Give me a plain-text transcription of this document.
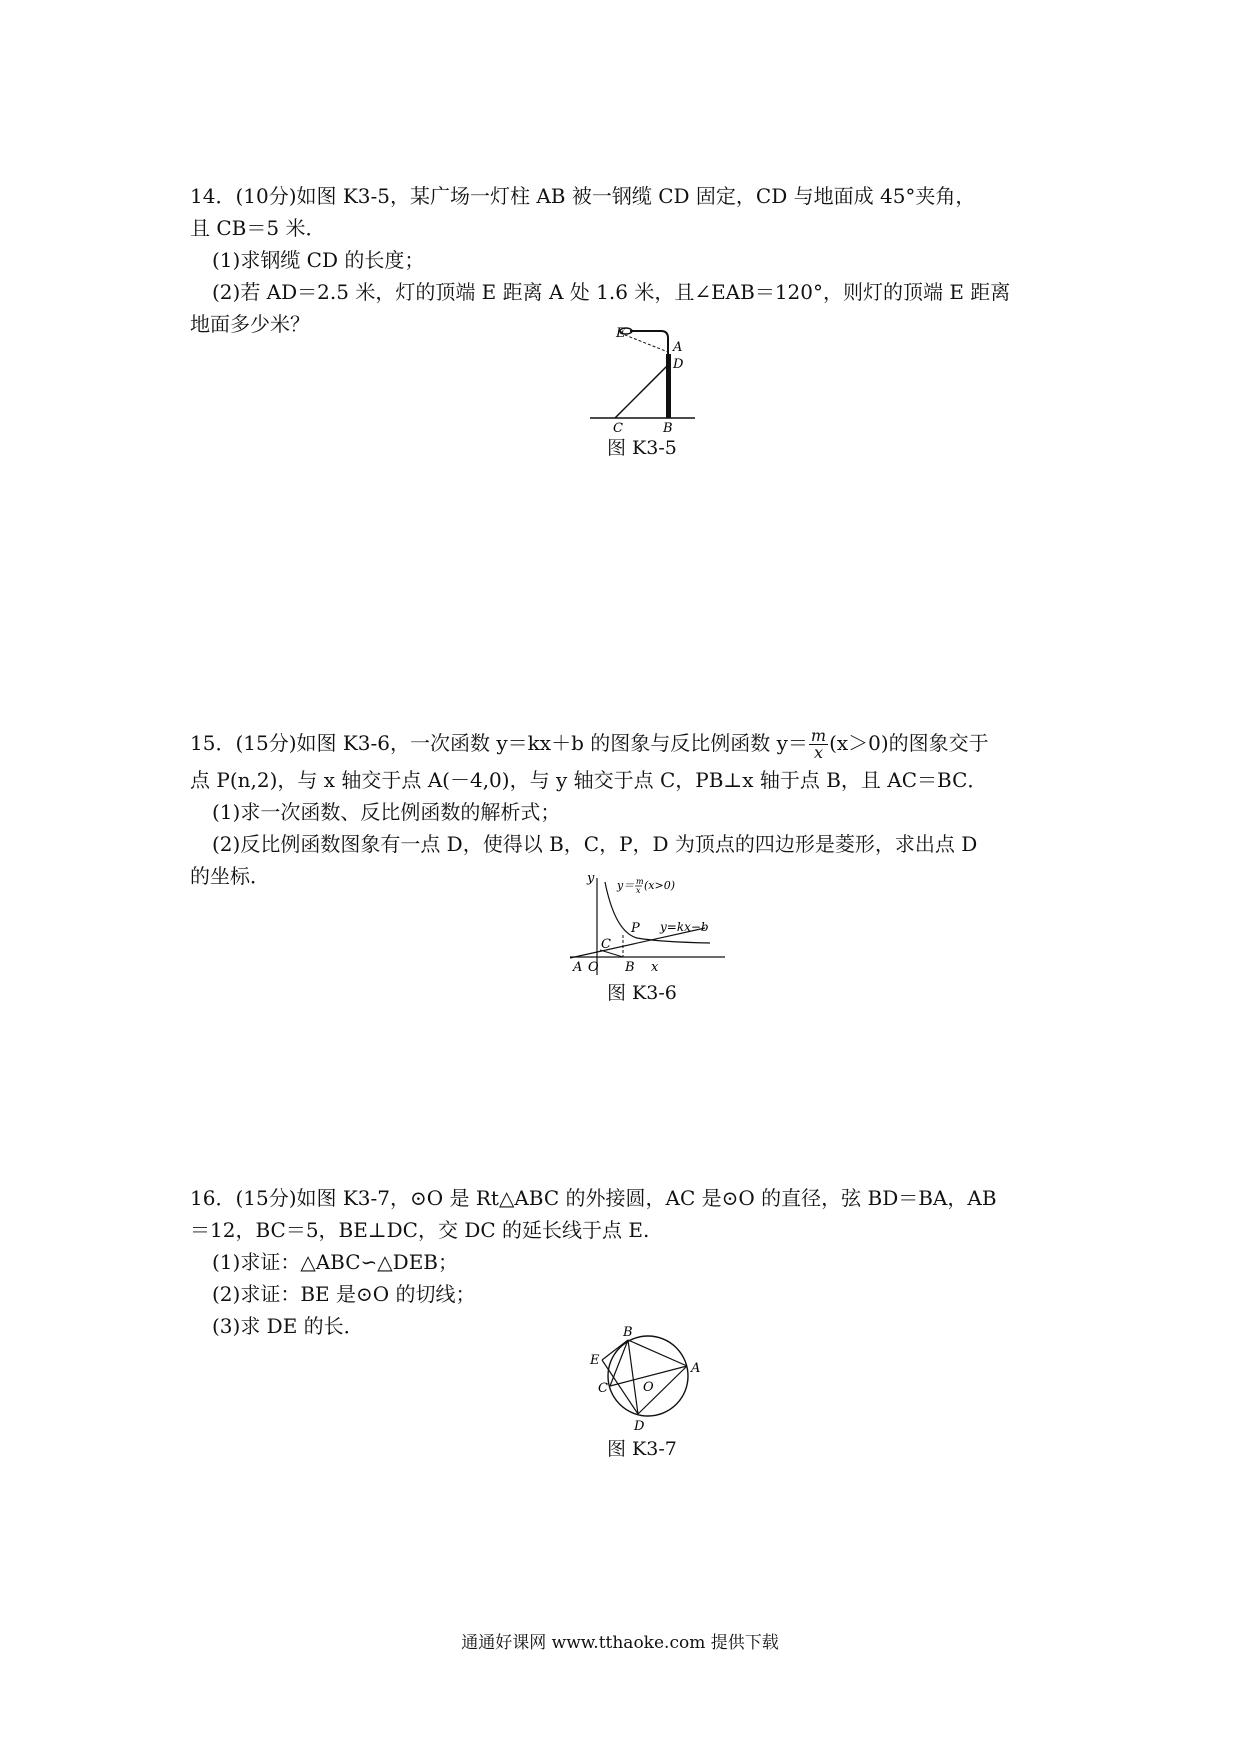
14．(10分)如图 K3-5，某广场一灯柱 AB 被一钢缆 CD 固定，CD 与地面成 45°夹角，
且 CB＝5 米．
(1)求钢缆 CD 的长度；
(2)若 AD＝2.5 米，灯的顶端 E 距离 A 处 1.6 米，且∠EAB＝120°，则灯的顶端 E 距离
地面多少米？	E
A
D
C	B
图 K3-5
15．(15分)如图 K3-6，一次函数 y＝kx＋b 的图象与反比例函数 $y= \frac{m}{x} (x>0)$的图象交于
点 P(n,2)，与 x 轴交于点 A(－4,0)，与 y 轴交于点 C，PB⊥x 轴于点 B，且 AC＝BC．
(1)求一次函数、反比例函数的解析式；
(2)反比例函数图象有一点 D，使得以 B，C，P，D 为顶点的四边形是菱形，求出点 D
的坐标．	y y＝ m
x (x>0)
P y=kx−b
C
A O B x
图 K3-6
16．(15分)如图 K3-7，⊙O 是 Rt△ABC 的外接圆，AC 是⊙O 的直径，弦 BD＝BA，AB
＝12，BC＝5，BE⊥DC，交 DC 的延长线于点 E.
(1)求证：△ABC∽△DEB；
(2)求证：BE 是⊙O 的切线；
(3)求 DE 的长．	B
E
C	O
A
D
图 K3-7
通通好课网 www.tthaoke.com 提供下载
